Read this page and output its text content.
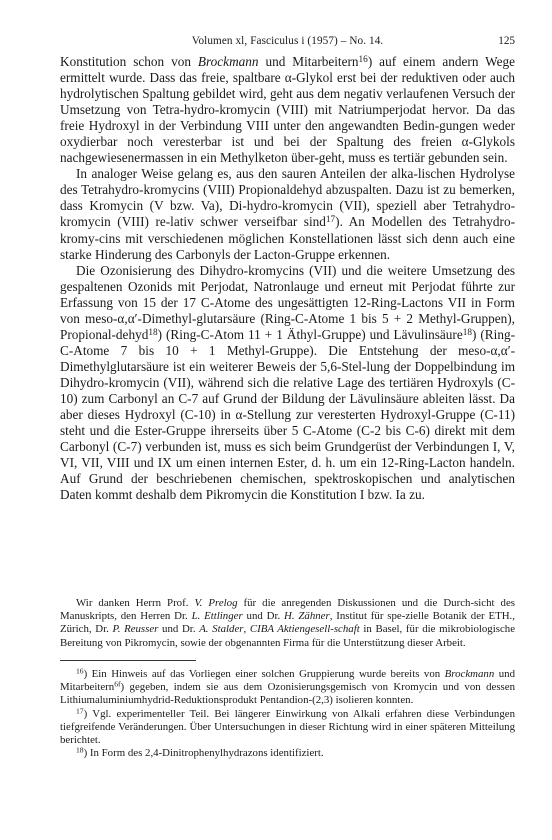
Volumen xl, Fasciculus i (1957) – No. 14.	125

Konstitution schon von Brockmann und Mitarbeitern$^{16}$) auf einem andern Wege ermittelt wurde. Dass das freie, spaltbare α-Glykol erst bei der reduktiven oder auch hydrolytischen Spaltung gebildet wird, geht aus dem negativ verlaufenen Versuch der Umsetzung von Tetra-hydro-kromycin (VIII) mit Natriumperjodat hervor. Da das freie Hydroxyl in der Verbindung VIII unter den angewandten Bedin-gungen weder oxydierbar noch veresterbar ist und bei der Spaltung des freien α-Glykols nachgewiesenermassen in ein Methylketon über-geht, muss es tertiär gebunden sein.

In analoger Weise gelang es, aus den sauren Anteilen der alka-lischen Hydrolyse des Tetrahydro-kromycins (VIII) Propionaldehyd abzuspalten. Dazu ist zu bemerken, dass Kromycin (V bzw. Va), Di-hydro-kromycin (VII), speziell aber Tetrahydro-kromycin (VIII) re-lativ schwer verseifbar sind$^{17}$). An Modellen des Tetrahydro-kromy-cins mit verschiedenen möglichen Konstellationen lässt sich denn auch eine starke Hinderung des Carbonyls der Lacton-Gruppe erkennen.

Die Ozonisierung des Dihydro-kromycins (VII) und die weitere Umsetzung des gespaltenen Ozonids mit Perjodat, Natronlauge und erneut mit Perjodat führte zur Erfassung von 15 der 17 C-Atome des ungesättigten 12-Ring-Lactons VII in Form von meso-α,α′-Dimethyl-glutarsäure (Ring-C-Atome 1 bis 5 + 2 Methyl-Gruppen), Propional-dehyd$^{18}$) (Ring-C-Atom 11 + 1 Äthyl-Gruppe) und Lävulinsäure$^{18}$) (Ring-C-Atome 7 bis 10 + 1 Methyl-Gruppe). Die Entstehung der meso-α,α′-Dimethylglutarsäure ist ein weiterer Beweis der 5,6-Stel-lung der Doppelbindung im Dihydro-kromycin (VII), während sich die relative Lage des tertiären Hydroxyls (C-10) zum Carbonyl an C-7 auf Grund der Bildung der Lävulinsäure ableiten lässt. Da aber dieses Hydroxyl (C-10) in α-Stellung zur veresterten Hydroxyl-Gruppe (C-11) steht und die Ester-Gruppe ihrerseits über 5 C-Atome (C-2 bis C-6) direkt mit dem Carbonyl (C-7) verbunden ist, muss es sich beim Grundgerüst der Verbindungen I, V, VI, VII, VIII und IX um einen internen Ester, d. h. um ein 12-Ring-Lacton handeln. Auf Grund der beschriebenen chemischen, spektroskopischen und analytischen Daten kommt deshalb dem Pikromycin die Konstitution I bzw. Ia zu.

Wir danken Herrn Prof. V. Prelog für die anregenden Diskussionen und die Durch-sicht des Manuskripts, den Herren Dr. L. Ettlinger und Dr. H. Zähner, Institut für spe-zielle Botanik der ETH., Zürich, Dr. P. Reusser und Dr. A. Stalder, CIBA Aktiengesell-schaft in Basel, für die mikrobiologische Bereitung von Pikromycin, sowie der obgenannten Firma für die Unterstützung dieser Arbeit.

$^{16}$) Ein Hinweis auf das Vorliegen einer solchen Gruppierung wurde bereits von Brockmann und Mitarbeitern$^{6f}$) gegeben, indem sie aus dem Ozonisierungsgemisch von Kromycin und von dessen Lithiumaluminiumhydrid-Reduktionsprodukt Pentandion-(2,3) isolieren konnten.

$^{17}$) Vgl. experimenteller Teil. Bei längerer Einwirkung von Alkali erfahren diese Verbindungen tiefgreifende Veränderungen. Über Untersuchungen in dieser Richtung wird in einer späteren Mitteilung berichtet.

$^{18}$) In Form des 2,4-Dinitrophenylhydrazons identifiziert.
